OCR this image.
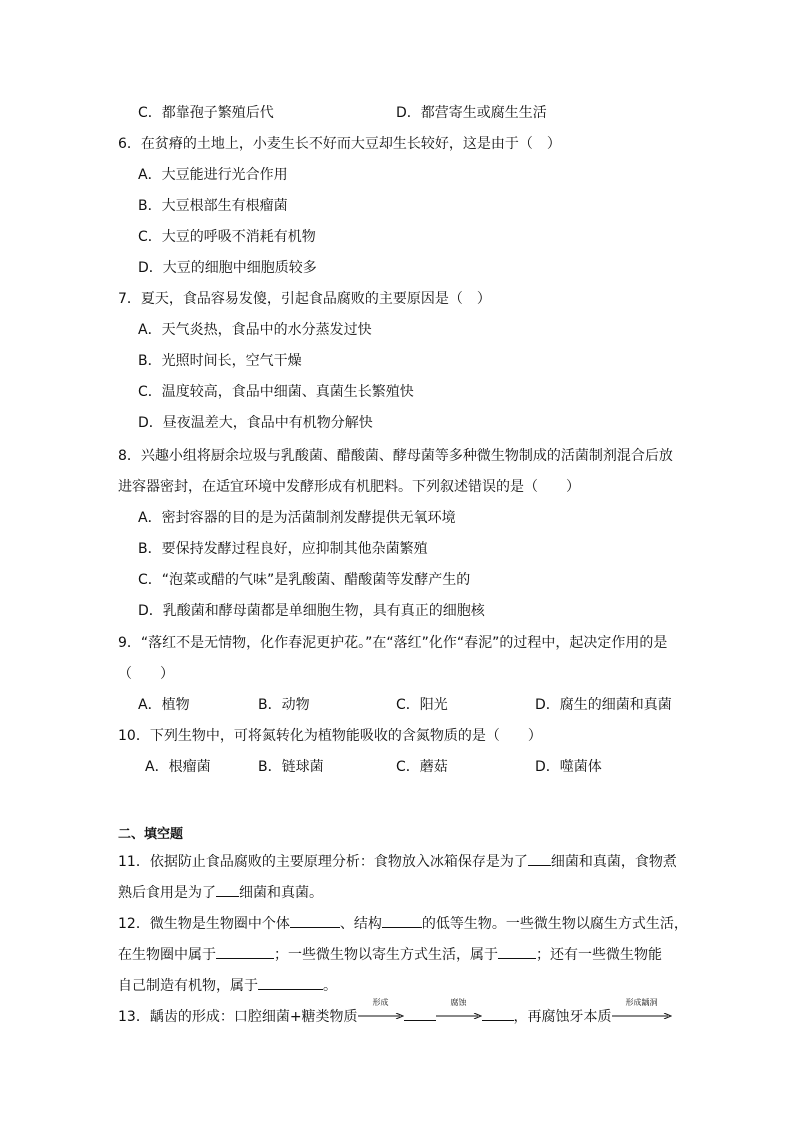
C．都靠孢子繁殖后代	D．都营寄生或腐生生活
6．在贫瘠的土地上，小麦生长不好而大豆却生长较好，这是由于（　）
A．大豆能进行光合作用
B．大豆根部生有根瘤菌
C．大豆的呼吸不消耗有机物
D．大豆的细胞中细胞质较多
7．夏天，食品容易发傻，引起食品腐败的主要原因是（　）
A．天气炎热，食品中的水分蒸发过快
B．光照时间长，空气干燥
C．温度较高，食品中细菌、真菌生长繁殖快
D．昼夜温差大，食品中有机物分解快
8．兴趣小组将厨余垃圾与乳酸菌、醋酸菌、酵母菌等多种微生物制成的活菌制剂混合后放
进容器密封，在适宜环境中发酵形成有机肥料。下列叙述错误的是（　　）
A．密封容器的目的是为活菌制剂发酵提供无氧环境
B．要保持发酵过程良好，应抑制其他杂菌繁殖
C．“泡菜或醋的气味”是乳酸菌、醋酸菌等发酵产生的
D．乳酸菌和酵母菌都是单细胞生物，具有真正的细胞核
9．“落红不是无情物，化作春泥更护花。”在“落红”化作“春泥”的过程中，起决定作用的是
（　　）
A．植物	B．动物	C．阳光	D．腐生的细菌和真菌
10．下列生物中，可将氮转化为植物能吸收的含氮物质的是（　　）
A．根瘤菌	B．链球菌	C．蘑菇	D．噬菌体
二、填空题
11．依据防止食品腐败的主要原理分析：食物放入冰箱保存是为了 细菌和真菌，食物煮
熟后食用是为了 细菌和真菌。
12．微生物是生物圈中个体	、结构	的低等生物。一些微生物以腐生方式生活，
在生物圈中属于	；一些微生物以寄生方式生活，属于	；还有一些微生物能
自己制造有机物，属于	。
13．龋齿的形成：口腔细菌+糖类物质
形成	腐蚀
，再腐蚀牙本质
形成龋洞
